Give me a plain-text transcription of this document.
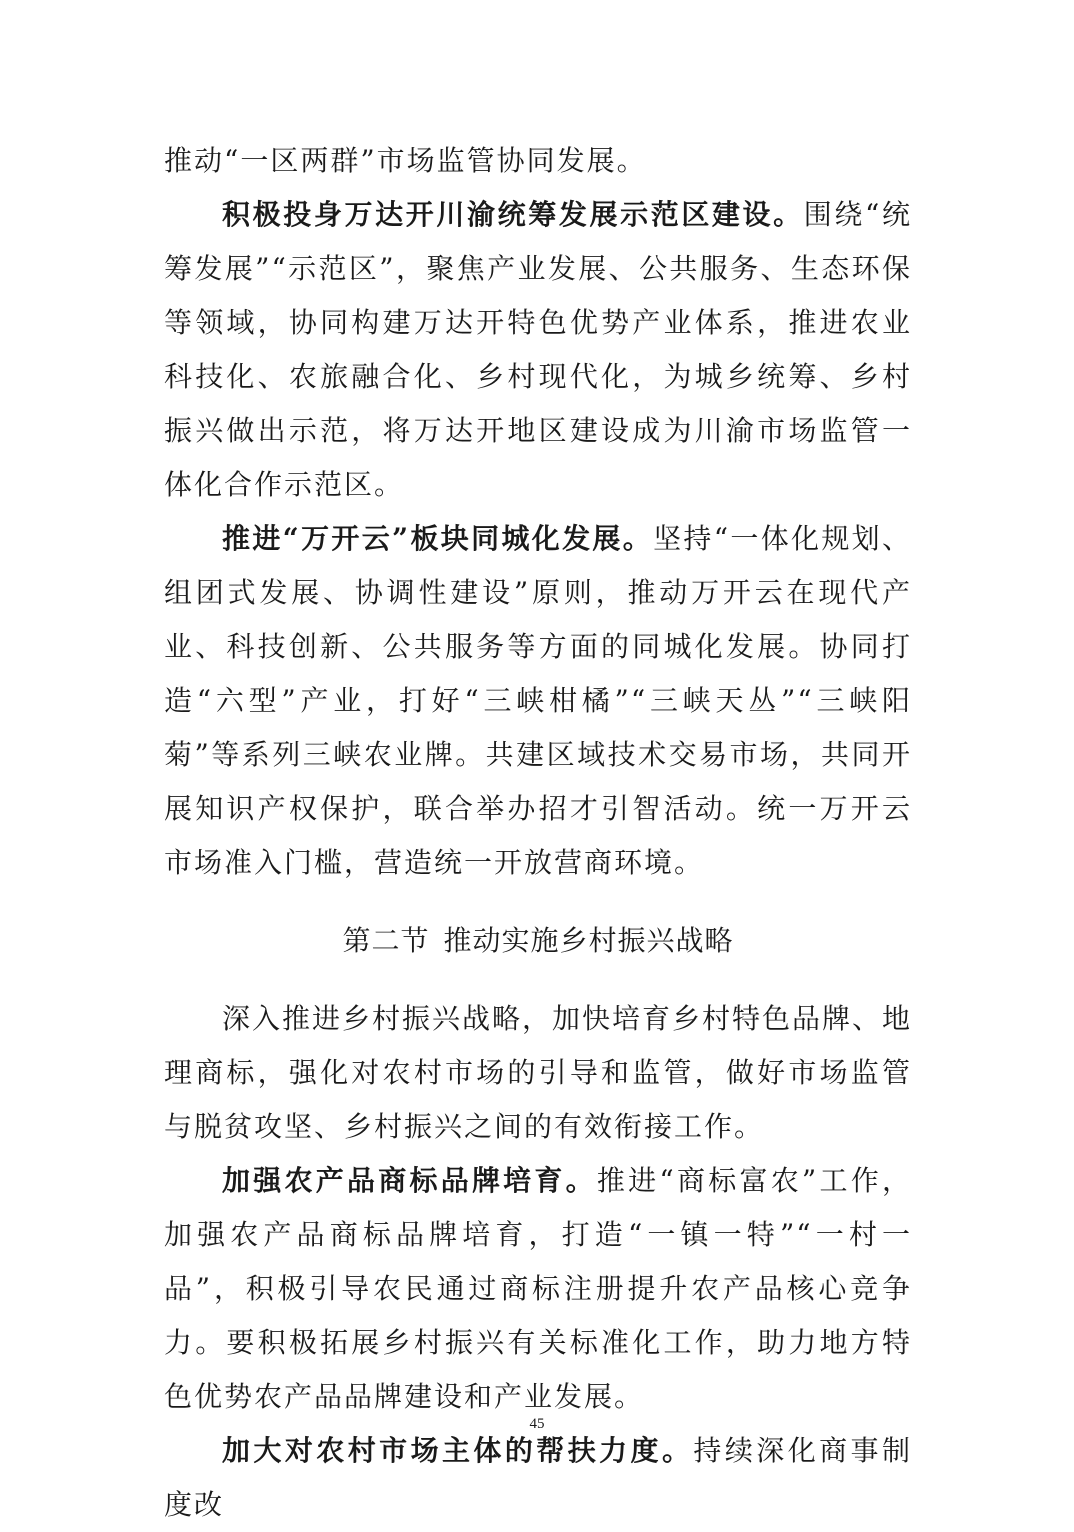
推动“一区两群”市场监管协同发展。

积极投身万达开川渝统筹发展示范区建设。围绕“统筹发展”“示范区”，聚焦产业发展、公共服务、生态环保等领域，协同构建万达开特色优势产业体系，推进农业科技化、农旅融合化、乡村现代化，为城乡统筹、乡村振兴做出示范，将万达开地区建设成为川渝市场监管一体化合作示范区。

推进“万开云”板块同城化发展。坚持“一体化规划、组团式发展、协调性建设”原则，推动万开云在现代产业、科技创新、公共服务等方面的同城化发展。协同打造“六型”产业，打好“三峡柑橘”“三峡天丛”“三峡阳菊”等系列三峡农业牌。共建区域技术交易市场，共同开展知识产权保护，联合举办招才引智活动。统一万开云市场准入门槛，营造统一开放营商环境。

第二节 推动实施乡村振兴战略

深入推进乡村振兴战略，加快培育乡村特色品牌、地理商标，强化对农村市场的引导和监管，做好市场监管与脱贫攻坚、乡村振兴之间的有效衔接工作。

加强农产品商标品牌培育。推进“商标富农”工作，加强农产品商标品牌培育，打造“一镇一特”“一村一品”，积极引导农民通过商标注册提升农产品核心竞争力。要积极拓展乡村振兴有关标准化工作，助力地方特色优势农产品品牌建设和产业发展。

加大对农村市场主体的帮扶力度。持续深化商事制度改

45
